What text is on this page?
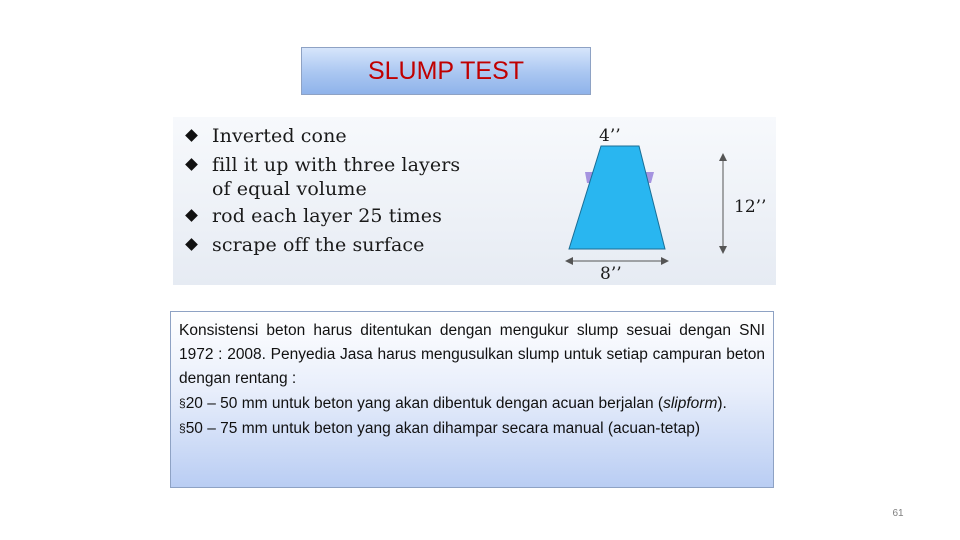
SLUMP TEST
Inverted cone
fill it up with three layers
of equal volume
rod each layer 25 times
scrape off the surface
4’’
12’’
8’’

Konsistensi beton harus ditentukan dengan mengukur slump sesuai dengan SNI 1972 : 2008. Penyedia Jasa harus mengusulkan slump untuk setiap campuran beton dengan rentang :

§20 – 50 mm untuk beton yang akan dibentuk dengan acuan berjalan (slipform).

§50 – 75 mm untuk beton yang akan dihampar secara manual (acuan-tetap)

61
